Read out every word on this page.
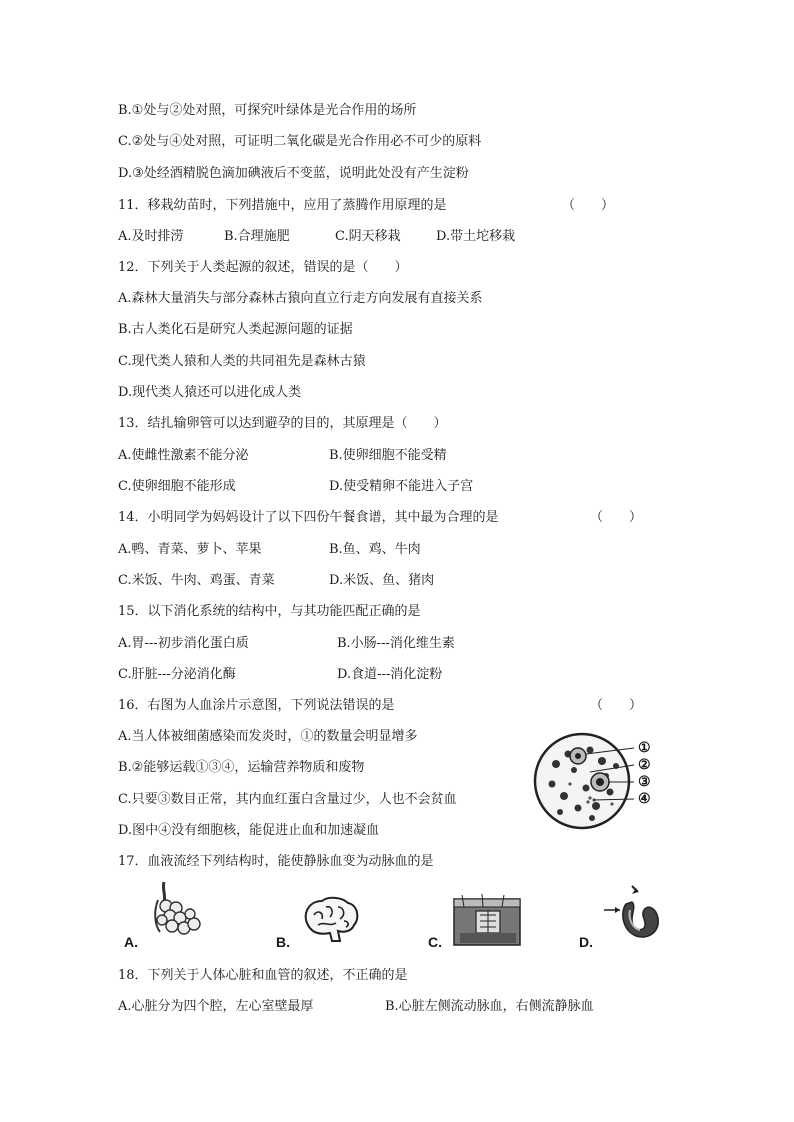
B.①处与②处对照，可探究叶绿体是光合作用的场所
C.②处与④处对照，可证明二氧化碳是光合作用必不可少的原料
D.③处经酒精脱色滴加碘液后不变蓝，说明此处没有产生淀粉
11．移栽幼苗时，下列措施中，应用了蒸腾作用原理的是	（　　）
A.及时排涝	B.合理施肥	C.阴天移栽	D.带土坨移栽
12．下列关于人类起源的叙述，错误的是（　　）
A.森林大量消失与部分森林古猿向直立行走方向发展有直接关系
B.古人类化石是研究人类起源问题的证据
C.现代类人猿和人类的共同祖先是森林古猿
D.现代类人猿还可以进化成人类
13．结扎输卵管可以达到避孕的目的，其原理是（　　）
A.使雌性激素不能分泌	B.使卵细胞不能受精
C.使卵细胞不能形成	D.使受精卵不能进入子宫
14．小明同学为妈妈设计了以下四份午餐食谱，其中最为合理的是	（　　）
A.鸭、青菜、萝卜、苹果	B.鱼、鸡、牛肉
C.米饭、牛肉、鸡蛋、青菜	D.米饭、鱼、猪肉
15．以下消化系统的结构中，与其功能匹配正确的是
A.胃---初步消化蛋白质	B.小肠---消化维生素
C.肝脏---分泌消化酶	D.食道---消化淀粉
16．右图为人血涂片示意图，下列说法错误的是	（　　）
A.当人体被细菌感染而发炎时，①的数量会明显增多
B.②能够运载①③④，运输营养物质和废物
C.只要③数目正常，其内血红蛋白含量过少，人也不会贫血
D.图中④没有细胞核，能促进止血和加速凝血
①
②
③
④
17．血液流经下列结构时，能使静脉血变为动脉血的是
A.	B.	C.	D.
18．下列关于人体心脏和血管的叙述，不正确的是
A.心脏分为四个腔，左心室壁最厚	B.心脏左侧流动脉血，右侧流静脉血
